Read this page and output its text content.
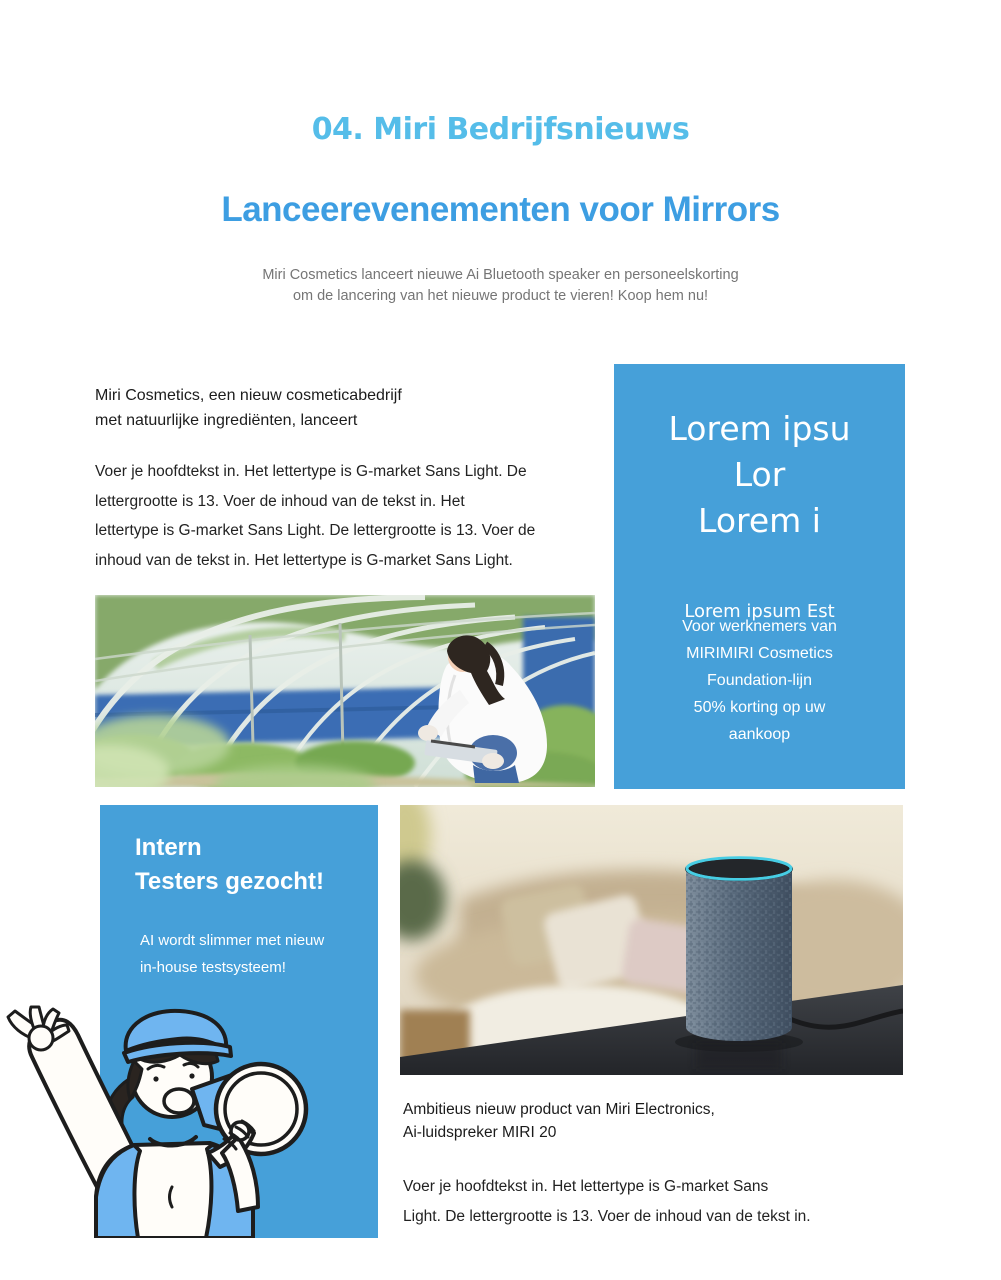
04. Miri Bedrijfsnieuws
Lanceerevenementen voor Mirrors
Miri Cosmetics lanceert nieuwe Ai Bluetooth speaker en personeelskorting
om de lancering van het nieuwe product te vieren! Koop hem nu!
Miri Cosmetics, een nieuw cosmeticabedrijf
met natuurlijke ingrediënten, lanceert
Voer je hoofdtekst in. Het lettertype is G-market Sans Light. De
lettergrootte is 13. Voer de inhoud van de tekst in. Het
lettertype is G-market Sans Light. De lettergrootte is 13. Voer de
inhoud van de tekst in. Het lettertype is G-market Sans Light.
Lorem ipsu
Lor
Lorem i
Voor werknemers van
MIRIMIRI Cosmetics
Foundation-lijn
50% korting op uw
aankoop
Lorem ipsum Est
Intern
Testers gezocht!
AI wordt slimmer met nieuw
in-house testsysteem!
Ambitieus nieuw product van Miri Electronics,
Ai-luidspreker MIRI 20
Voer je hoofdtekst in. Het lettertype is G-market Sans
Light. De lettergrootte is 13. Voer de inhoud van de tekst in.
